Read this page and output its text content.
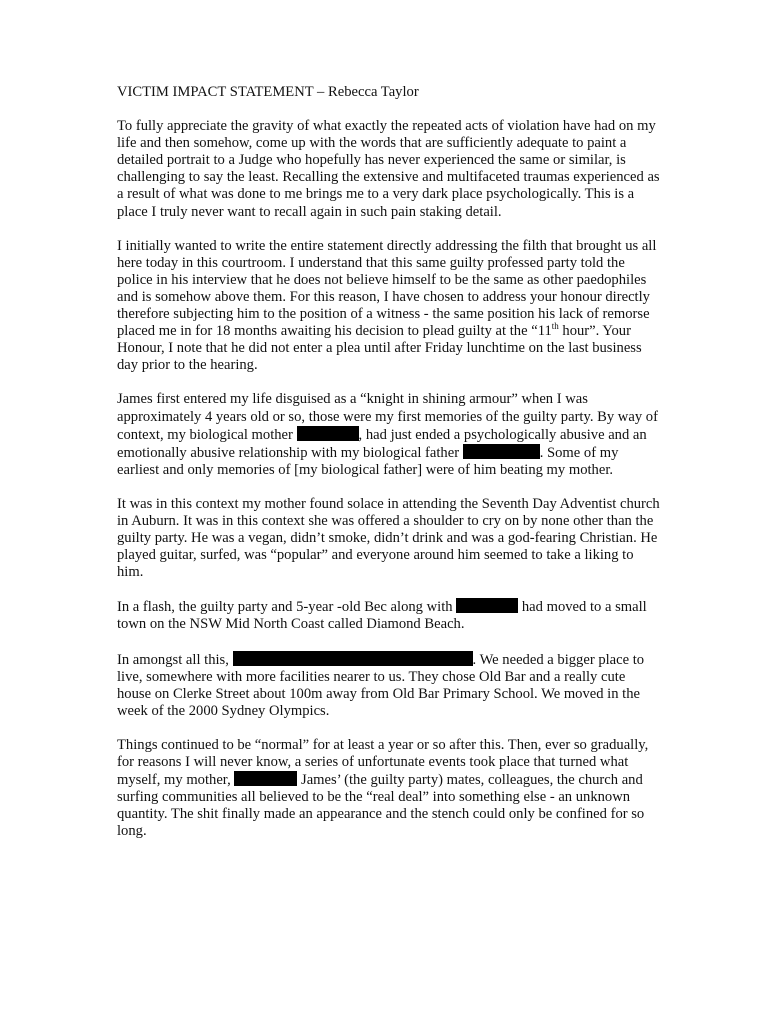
VICTIM IMPACT STATEMENT – Rebecca Taylor
To fully appreciate the gravity of what exactly the repeated acts of violation have had on my life and then somehow, come up with the words that are sufficiently adequate to paint a detailed portrait to a Judge who hopefully has never experienced the same or similar, is challenging to say the least. Recalling the extensive and multifaceted traumas experienced as a result of what was done to me brings me to a very dark place psychologically. This is a place I truly never want to recall again in such pain staking detail.
I initially wanted to write the entire statement directly addressing the filth that brought us all here today in this courtroom. I understand that this same guilty professed party told the police in his interview that he does not believe himself to be the same as other paedophiles and is somehow above them. For this reason, I have chosen to address your honour directly therefore subjecting him to the position of a witness - the same position his lack of remorse placed me in for 18 months awaiting his decision to plead guilty at the “11th hour”. Your Honour, I note that he did not enter a plea until after Friday lunchtime on the last business day prior to the hearing.
James first entered my life disguised as a “knight in shining armour” when I was approximately 4 years old or so, those were my first memories of the guilty party. By way of context, my biological mother	, had just ended a psychologically abusive and an emotionally abusive relationship with my biological father	. Some of my earliest and only memories of [my biological father] were of him beating my mother.
It was in this context my mother found solace in attending the Seventh Day Adventist church in Auburn. It was in this context she was offered a shoulder to cry on by none other than the guilty party. He was a vegan, didn’t smoke, didn’t drink and was a god-fearing Christian. He played guitar, surfed, was “popular” and everyone around him seemed to take a liking to him.
In a flash, the guilty party and 5-year -old Bec along with	had moved to a small town on the NSW Mid North Coast called Diamond Beach.
In amongst all this,	. We needed a bigger place to live, somewhere with more facilities nearer to us. They chose Old Bar and a really cute house on Clerke Street about 100m away from Old Bar Primary School. We moved in the week of the 2000 Sydney Olympics.
Things continued to be “normal” for at least a year or so after this. Then, ever so gradually, for reasons I will never know, a series of unfortunate events took place that turned what myself, my mother,	James’ (the guilty party) mates, colleagues, the church and surfing communities all believed to be the “real deal” into something else - an unknown quantity. The shit finally made an appearance and the stench could only be confined for so long.
